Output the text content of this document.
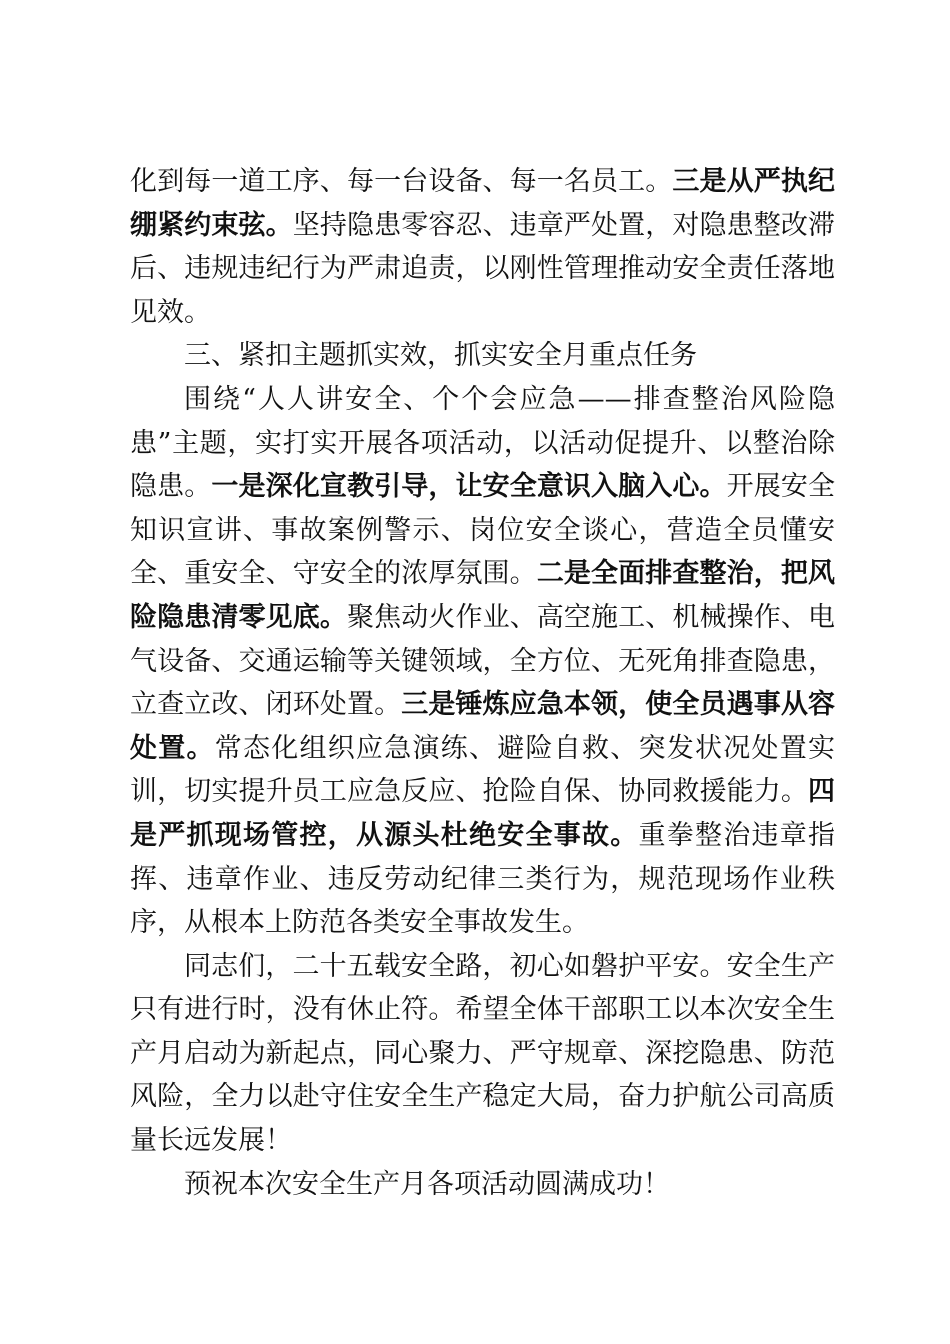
化到每一道工序、每一台设备、每一名员工。三是从严执纪绷紧约束弦。坚持隐患零容忍、违章严处置，对隐患整改滞后、违规违纪行为严肃追责，以刚性管理推动安全责任落地见效。

三、紧扣主题抓实效，抓实安全月重点任务

围绕“人人讲安全、个个会应急——排查整治风险隐患”主题，实打实开展各项活动，以活动促提升、以整治除隐患。一是深化宣教引导，让安全意识入脑入心。开展安全知识宣讲、事故案例警示、岗位安全谈心，营造全员懂安全、重安全、守安全的浓厚氛围。二是全面排查整治，把风险隐患清零见底。聚焦动火作业、高空施工、机械操作、电气设备、交通运输等关键领域，全方位、无死角排查隐患，立查立改、闭环处置。三是锤炼应急本领，使全员遇事从容处置。常态化组织应急演练、避险自救、突发状况处置实训，切实提升员工应急反应、抢险自保、协同救援能力。四是严抓现场管控，从源头杜绝安全事故。重拳整治违章指挥、违章作业、违反劳动纪律三类行为，规范现场作业秩序，从根本上防范各类安全事故发生。

同志们，二十五载安全路，初心如磐护平安。安全生产只有进行时，没有休止符。希望全体干部职工以本次安全生产月启动为新起点，同心聚力、严守规章、深挖隐患、防范风险，全力以赴守住安全生产稳定大局，奋力护航公司高质量长远发展！

预祝本次安全生产月各项活动圆满成功！
